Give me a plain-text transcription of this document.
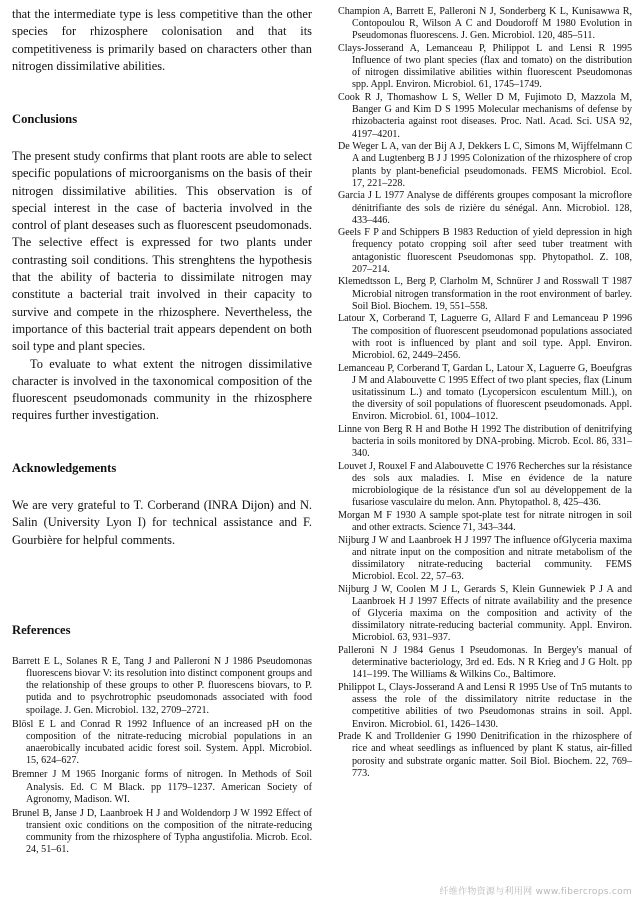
that the intermediate type is less competitive than the other species for rhizosphere colonisation and that its competitiveness is primarily based on characters other than nitrogen dissimilative abilities.

Conclusions

The present study confirms that plant roots are able to select specific populations of microorganisms on the basis of their nitrogen dissimilative abilities. This observation is of special interest in the case of bacteria involved in the control of plant deseases such as fluorescent pseudomonads. The selective effect is expressed for two plants under contrasting soil conditions. This strenghtens the hypothesis that the ability of bacteria to dissimilate nitrogen may constitute a bacterial trait involved in their capacity to survive and compete in the rhizosphere. Nevertheless, the importance of this bacterial trait appears dependent on both soil type and plant species.

To evaluate to what extent the nitrogen dissimilative character is involved in the taxonomical composition of the fluorescent pseudomonads community in the rhizosphere requires further investigation.

Acknowledgements

We are very grateful to T. Corberand (INRA Dijon) and N. Salin (University Lyon I) for technical assistance and F. Gourbière for helpful comments.

References
Barrett E L, Solanes R E, Tang J and Palleroni N J 1986 Pseudomonas fluorescens biovar V: its resolution into distinct component groups and the relationship of these groups to other P. fluorescens biovars, to P. putida and to psychrotrophic pseudomonads associated with food spoilage. J. Gen. Microbiol. 132, 2709–2721.
Blösl E L and Conrad R 1992 Influence of an increased pH on the composition of the nitrate-reducing microbial populations in an anaerobically incubated acidic forest soil. System. Appl. Microbiol. 15, 624–627.
Bremner J M 1965 Inorganic forms of nitrogen. In Methods of Soil Analysis. Ed. C M Black. pp 1179–1237. American Society of Agronomy, Madison. WI.
Brunel B, Janse J D, Laanbroek H J and Woldendorp J W 1992 Effect of transient oxic conditions on the composition of the nitrate-reducing community from the rhizosphere of Typha angustifolia. Microb. Ecol. 24, 51–61.
Champion A, Barrett E, Palleroni N J, Sonderberg K L, Kunisawwa R, Contopoulou R, Wilson A C and Doudoroff M 1980 Evolution in Pseudomonas fluorescens. J. Gen. Microbiol. 120, 485–511.
Clays-Josserand A, Lemanceau P, Philippot L and Lensi R 1995 Influence of two plant species (flax and tomato) on the distribution of nitrogen dissimilative abilities within fluorescent Pseudomonas spp. Appl. Environ. Microbiol. 61, 1745–1749.
Cook R J, Thomashow L S, Weller D M, Fujimoto D, Mazzola M, Banger G and Kim D S 1995 Molecular mechanisms of defense by rhizobacteria against root diseases. Proc. Natl. Acad. Sci. USA 92, 4197–4201.
De Weger L A, van der Bij A J, Dekkers L C, Simons M, Wijffelmann C A and Lugtenberg B J J 1995 Colonization of the rhizosphere of crop plants by plant-beneficial pseudomonads. FEMS Microbiol. Ecol. 17, 221–228.
Garcia J L 1977 Analyse de différents groupes composant la microflore dénitrifiante des sols de rizière du sénégal. Ann. Microbiol. 128, 433–446.
Geels F P and Schippers B 1983 Reduction of yield depression in high frequency potato cropping soil after seed tuber treatment with antagonistic fluorescent Pseudomonas spp. Phytopathol. Z. 108, 207–214.
Klemedtsson L, Berg P, Clarholm M, Schnürer J and Rosswall T 1987 Microbial nitrogen transformation in the root environment of barley. Soil Biol. Biochem. 19, 551–558.
Latour X, Corberand T, Laguerre G, Allard F and Lemanceau P 1996 The composition of fluorescent pseudomonad populations associated with root is influenced by plant and soil type. Appl. Environ. Microbiol. 62, 2449–2456.
Lemanceau P, Corberand T, Gardan L, Latour X, Laguerre G, Boeufgras J M and Alabouvette C 1995 Effect of two plant species, flax (Linum usitatissinum L.) and tomato (Lycopersicon esculentum Mill.), on the diversity of soil populations of fluorescent pseudomonads. Appl. Environ. Microbiol. 61, 1004–1012.
Linne von Berg R H and Bothe H 1992 The distribution of denitrifying bacteria in soils monitored by DNA-probing. Microb. Ecol. 86, 331–340.
Louvet J, Rouxel F and Alabouvette C 1976 Recherches sur la résistance des sols aux maladies. I. Mise en évidence de la nature microbiologique de la résistance d'un sol au développement de la fusariose vasculaire du melon. Ann. Phytopathol. 8, 425–436.
Morgan M F 1930 A sample spot-plate test for nitrate nitrogen in soil and other extracts. Science 71, 343–344.
Nijburg J W and Laanbroek H J 1997 The influence ofGlyceria maxima and nitrate input on the composition and nitrate metabolism of the dissimilatory nitrate-reducing bacterial community. FEMS Microbiol. Ecol. 22, 57–63.
Nijburg J W, Coolen M J L, Gerards S, Klein Gunnewiek P J A and Laanbroek H J 1997 Effects of nitrate availability and the presence of Glyceria maxima on the composition and activity of the dissimilatory nitrate-reducing bacterial community. Appl. Environ. Microbiol. 63, 931–937.
Palleroni N J 1984 Genus I Pseudomonas. In Bergey's manual of determinative bacteriology, 3rd ed. Eds. N R Krieg and J G Holt. pp 141–199. The Williams & Wilkins Co., Baltimore.
Philippot L, Clays-Josserand A and Lensi R 1995 Use of Tn5 mutants to assess the role of the dissimilatory nitrite reductase in the competitive abilities of two Pseudomonas strains in soil. Appl. Environ. Microbiol. 61, 1426–1430.
Prade K and Trolldenier G 1990 Denitrification in the rhizosphere of rice and wheat seedlings as influenced by plant K status, air-filled porosity and substrate organic matter. Soil Biol. Biochem. 22, 769–773.
纤维作物资源与利用网 www.fibercrops.com
